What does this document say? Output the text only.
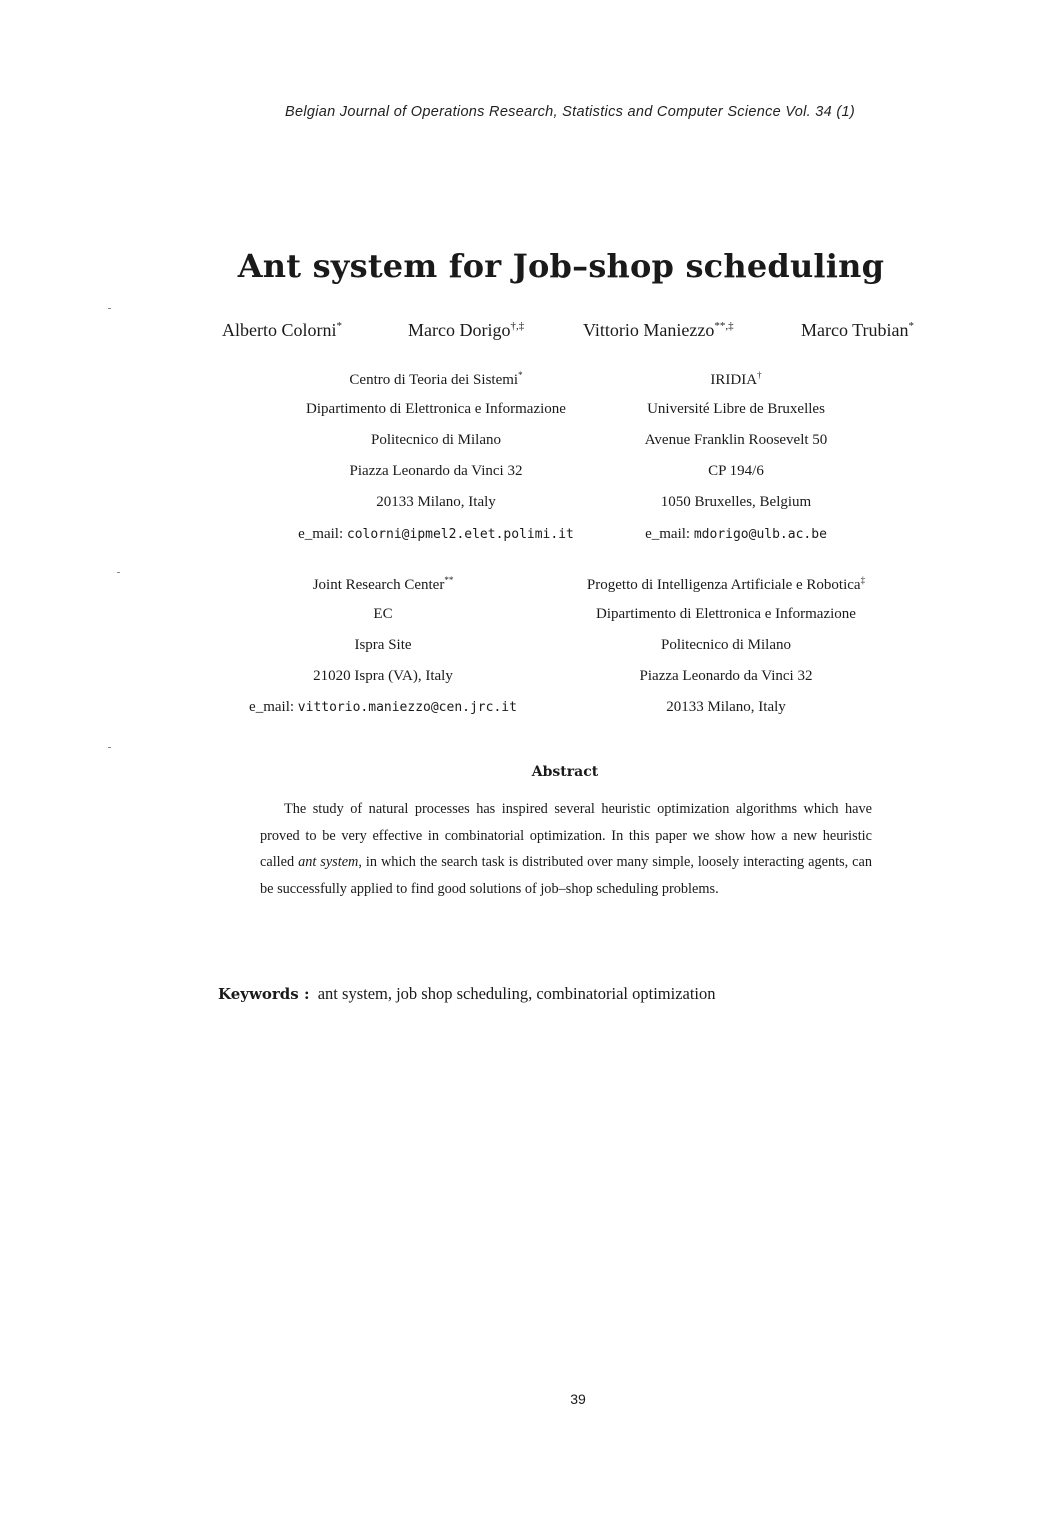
Belgian Journal of Operations Research, Statistics and Computer Science Vol. 34 (1)
Ant system for Job–shop scheduling
Alberto Colorni*	Marco Dorigo†,‡	Vittorio Maniezzo**,‡	Marco Trubian*
Centro di Teoria dei Sistemi*
Dipartimento di Elettronica e Informazione
Politecnico di Milano
Piazza Leonardo da Vinci 32
20133 Milano, Italy
e_mail: colorni@ipmel2.elet.polimi.it
IRIDIA†
Université Libre de Bruxelles
Avenue Franklin Roosevelt 50
CP 194/6
1050 Bruxelles, Belgium
e_mail: mdorigo@ulb.ac.be
Joint Research Center**
EC
Ispra Site
21020 Ispra (VA), Italy
e_mail: vittorio.maniezzo@cen.jrc.it
Progetto di Intelligenza Artificiale e Robotica‡
Dipartimento di Elettronica e Informazione
Politecnico di Milano
Piazza Leonardo da Vinci 32
20133 Milano, Italy
Abstract
The study of natural processes has inspired several heuristic optimization algorithms which have proved to be very effective in combinatorial optimization. In this paper we show how a new heuristic called ant system, in which the search task is distributed over many simple, loosely interacting agents, can be successfully applied to find good solutions of job–shop scheduling problems.
Keywords : ant system, job shop scheduling, combinatorial optimization
39
